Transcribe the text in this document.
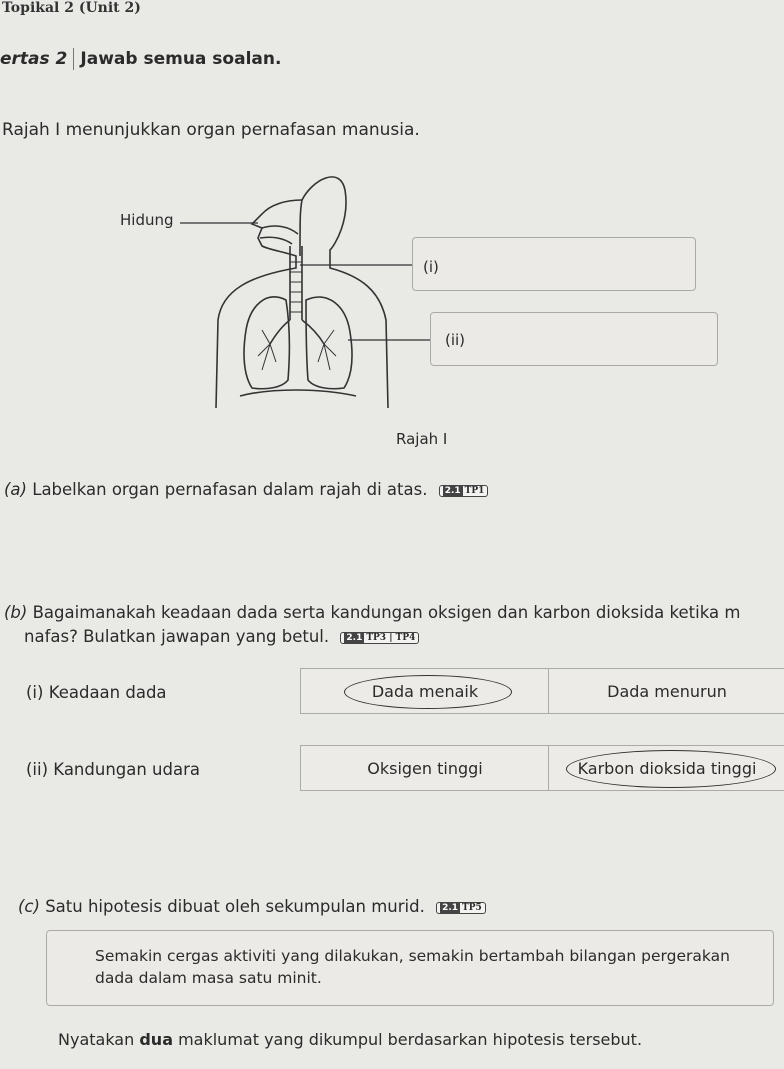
Topikal 2 (Unit 2)
ertas 2 Jawab semua soalan.
Rajah I menunjukkan organ pernafasan manusia.
Hidung
(i)
(ii)
Rajah I
(a) Labelkan organ pernafasan dalam rajah di atas. 2.1 TP1
(b) Bagaimanakah keadaan dada serta kandungan oksigen dan karbon dioksida ketika m
nafas? Bulatkan jawapan yang betul. 2.1 TP3 | TP4
(i) Keadaan dada	Dada menaik	Dada menurun
(ii) Kandungan udara	Oksigen tinggi	Karbon dioksida tinggi
(c) Satu hipotesis dibuat oleh sekumpulan murid. 2.1 TP5
Semakin cergas aktiviti yang dilakukan, semakin bertambah bilangan pergerakan
dada dalam masa satu minit.
Nyatakan dua maklumat yang dikumpul berdasarkan hipotesis tersebut.
